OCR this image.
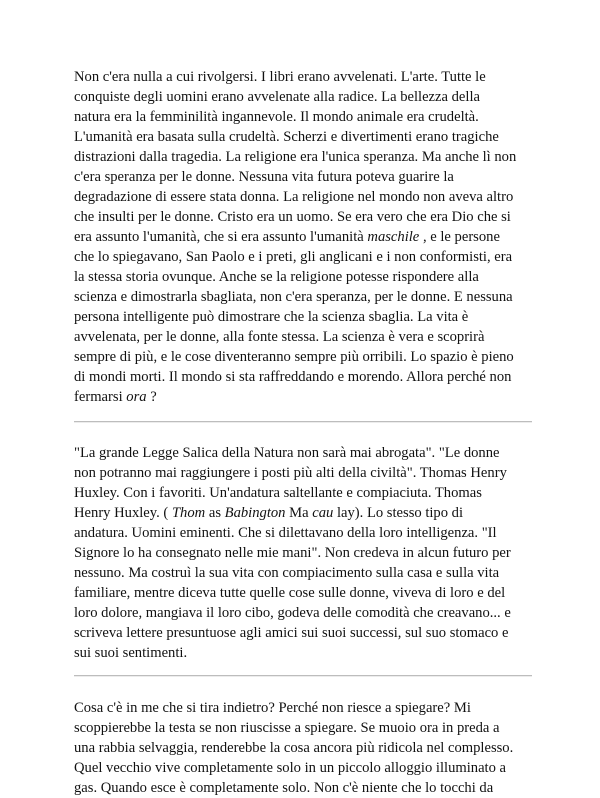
Non c'era nulla a cui rivolgersi. I libri erano avvelenati. L'arte. Tutte le
conquiste degli uomini erano avvelenate alla radice. La bellezza della
natura era la femminilità ingannevole. Il mondo animale era crudeltà.
L'umanità era basata sulla crudeltà. Scherzi e divertimenti erano tragiche
distrazioni dalla tragedia. La religione era l'unica speranza. Ma anche lì non
c'era speranza per le donne. Nessuna vita futura poteva guarire la
degradazione di essere stata donna. La religione nel mondo non aveva altro
che insulti per le donne. Cristo era un uomo. Se era vero che era Dio che si
era assunto l'umanità, che si era assunto l'umanità maschile , e le persone
che lo spiegavano, San Paolo e i preti, gli anglicani e i non conformisti, era
la stessa storia ovunque. Anche se la religione potesse rispondere alla
scienza e dimostrarla sbagliata, non c'era speranza, per le donne. E nessuna
persona intelligente può dimostrare che la scienza sbaglia. La vita è
avvelenata, per le donne, alla fonte stessa. La scienza è vera e scoprirà
sempre di più, e le cose diventeranno sempre più orribili. Lo spazio è pieno
di mondi morti. Il mondo si sta raffreddando e morendo. Allora perché non
fermarsi ora ?

"La grande Legge Salica della Natura non sarà mai abrogata". "Le donne
non potranno mai raggiungere i posti più alti della civiltà". Thomas Henry
Huxley. Con i favoriti. Un'andatura saltellante e compiaciuta. Thomas
Henry Huxley. ( Thom as Babington Ma cau lay). Lo stesso tipo di
andatura. Uomini eminenti. Che si dilettavano della loro intelligenza. "Il
Signore lo ha consegnato nelle mie mani". Non credeva in alcun futuro per
nessuno. Ma costruì la sua vita con compiacimento sulla casa e sulla vita
familiare, mentre diceva tutte quelle cose sulle donne, viveva di loro e del
loro dolore, mangiava il loro cibo, godeva delle comodità che creavano... e
scriveva lettere presuntuose agli amici sui suoi successi, sul suo stomaco e
sui suoi sentimenti.

Cosa c'è in me che si tira indietro? Perché non riesce a spiegare? Mi
scoppierebbe la testa se non riuscisse a spiegare. Se muoio ora in preda a
una rabbia selvaggia, renderebbe la cosa ancora più ridicola nel complesso.
Quel vecchio vive completamente solo in un piccolo alloggio illuminato a
gas. Quando esce è completamente solo. Non c'è niente che lo tocchi da
